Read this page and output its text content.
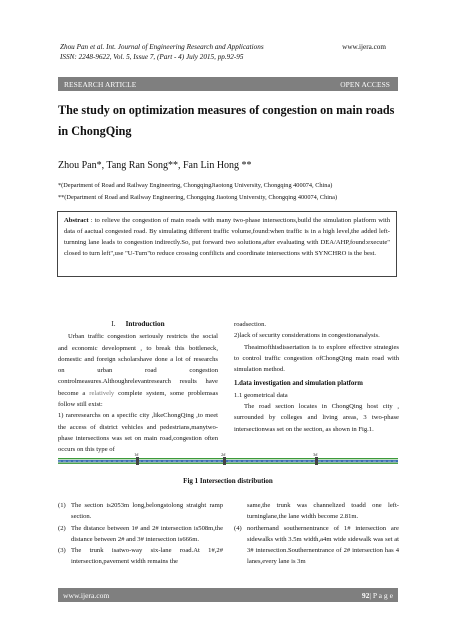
Zhou Pan et al. Int. Journal of Engineering Research and Applications	www.ijera.com
ISSN: 2248-9622, Vol. 5, Issue 7, (Part - 4) July 2015, pp.92-95
RESEARCH ARTICLE	OPEN ACCESS
The study on optimization measures of congestion on main roads in ChongQing
Zhou Pan*, Tang Ran Song**, Fan Lin Hong **
*(Department of Road and Railway Engineering, ChongqingJiaotong University, Chongqing 400074, China)
**(Department of Road and Railway Engineering, Chongqing Jiaotong University, Chongqing 400074, China)
Abstract : to relieve the congestion of main roads with many two-phase intersections,build the simulation platform with data of aactual congested road. By simulating different traffic volume,found:when traffic is in a high level,the added left-turnning lane leads to congestion indirectly.So, put forward two solutions,after evaluating with DEA/AHP,found:execute" closed to turn left",use "U-Turn"to reduce crossing confilicts and coordinate intersections with SYNCHRO is the best.
I. Introduction

Urban traffic congestion seriously restricts the social and economic development , to break this bottleneck, domestic and foreign scholarshave done a lot of researchs on urban road congestion controlmeasures.Althoughrelevantresearch results have become a relatively complete system, some problemsas follow still exist:

1) rareresearchs on a specific city ,likeChongQing ,to meet the access of district vehicles and pedestrians,manytwo-phase intersections was set on main road,congestion often occurs on this type of

roadsection.

2)lack of security considerations in congestionanalysis.

Theaimofthisdissertation is to explore effective strategies to control traffic congestion ofChongQing main road with simulation method.

1.data investigation and simulation platform

1.1 geometrical data

The road section locates in ChongQing host city , surrounded by colleges and living areas, 3 two-phase intersectionwas set on the section, as shown in Fig.1.

1#	2#	3#
Fig 1 Intersection distribution
(1) The section is2053m long,belongstolong straight ramp section.
(2) The distance between 1# and 2# intersection is508m,the distance between 2# and 3# intersection is666m.
(3) The trunk isatwo-way six-lane road.At 1#,2# intersection,pavement width remains the
same,the trunk was channelized toadd one left-turninglane,the lane width become 2.81m.
(4) northernand southernentrance of 1# intersection are sidewalks with 3.5m width,a4m wide sidewalk was set at 3# intersection.Southernentrance of 2# intersection has 4 lanes,every lane is 3m
www.ijera.com	92| P a g e
